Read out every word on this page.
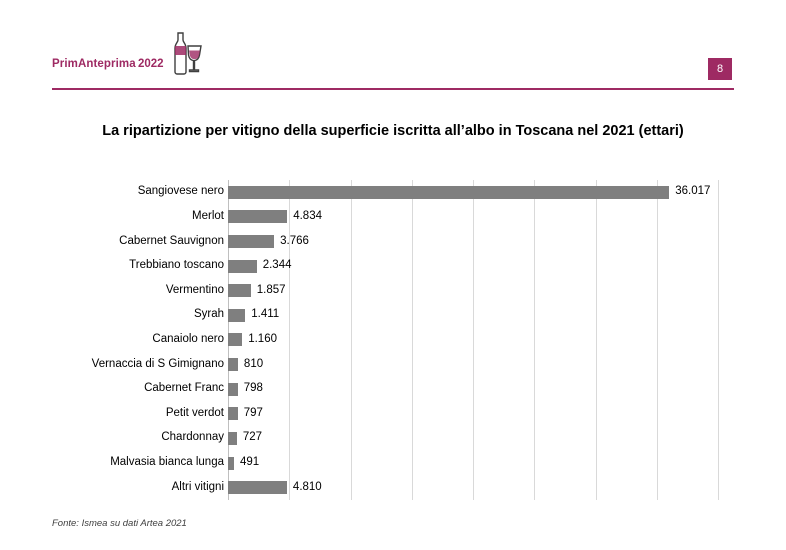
PrimAnteprima 2022	8
La ripartizione per vitigno della superficie iscritta all’albo in Toscana nel 2021 (ettari)
Sangiovese nero	36.017
Merlot	4.834
Cabernet Sauvignon	3.766
Trebbiano toscano	2.344
Vermentino	1.857
Syrah 1.411
Canaiolo nero 1.160
Vernaccia di S Gimignano 810
Cabernet Franc 798
Petit verdot 797
Chardonnay 727
Malvasia bianca lunga 491
Altri vitigni	4.810
Fonte: Ismea su dati Artea 2021
